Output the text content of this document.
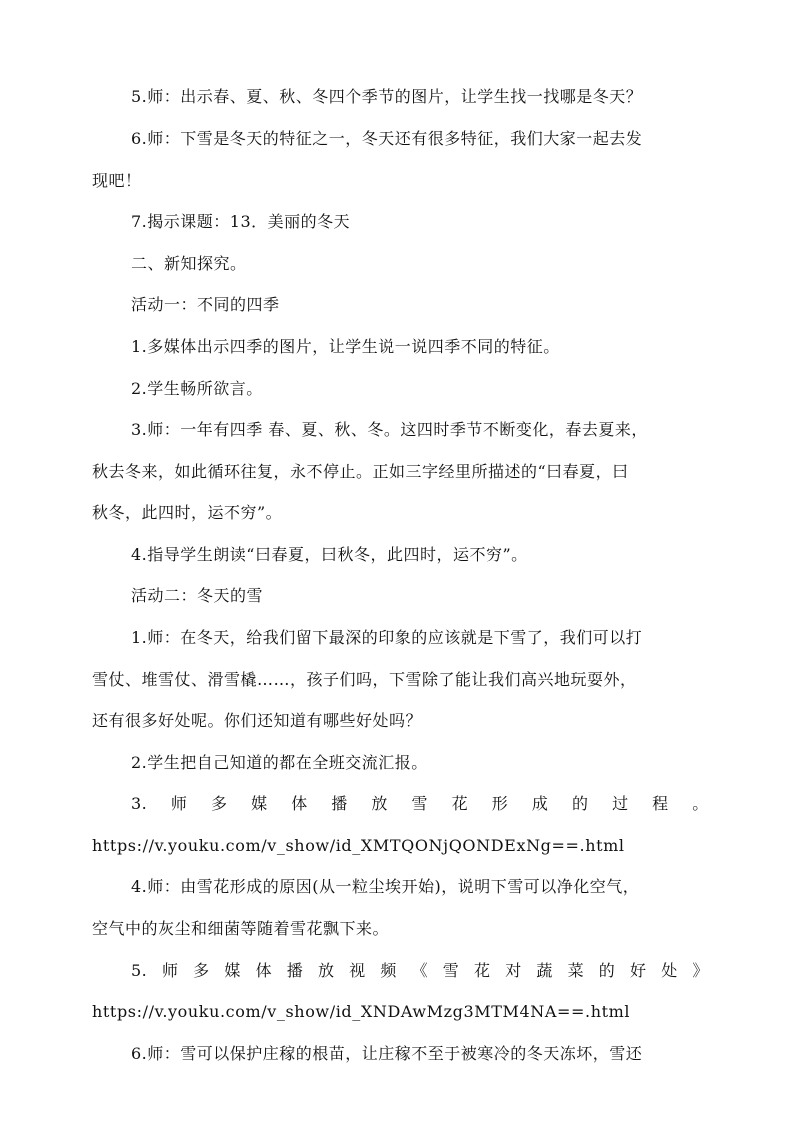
5.师：出示春、夏、秋、冬四个季节的图片，让学生找一找哪是冬天？
6.师：下雪是冬天的特征之一，冬天还有很多特征，我们大家一起去发
现吧！
7.揭示课题：13．美丽的冬天
二、新知探究。
活动一：不同的四季
1.多媒体出示四季的图片，让学生说一说四季不同的特征。
2.学生畅所欲言。
3.师：一年有四季 春、夏、秋、冬。这四时季节不断变化，春去夏来，
秋去冬来，如此循环往复，永不停止。正如三字经里所描述的“曰春夏，曰
秋冬，此四时，运不穷”。
4.指导学生朗读“曰春夏，曰秋冬，此四时，运不穷”。
活动二：冬天的雪
1.师：在冬天，给我们留下最深的印象的应该就是下雪了，我们可以打
雪仗、堆雪仗、滑雪橇……，孩子们吗，下雪除了能让我们高兴地玩耍外，
还有很多好处呢。你们还知道有哪些好处吗？
2.学生把自己知道的都在全班交流汇报。
3. 师 多 媒 体 播 放 雪 花 形 成 的 过 程 。
https://v.youku.com/v_show/id_XMTQONjQONDExNg==.html
4.师：由雪花形成的原因(从一粒尘埃开始)，说明下雪可以净化空气，
空气中的灰尘和细菌等随着雪花飘下来。
5. 师 多 媒 体 播 放 视 频 《 雪 花 对 蔬 菜 的 好 处 》
https://v.youku.com/v_show/id_XNDAwMzg3MTM4NA==.html
6.师：雪可以保护庄稼的根苗，让庄稼不至于被寒冷的冬天冻坏，雪还
